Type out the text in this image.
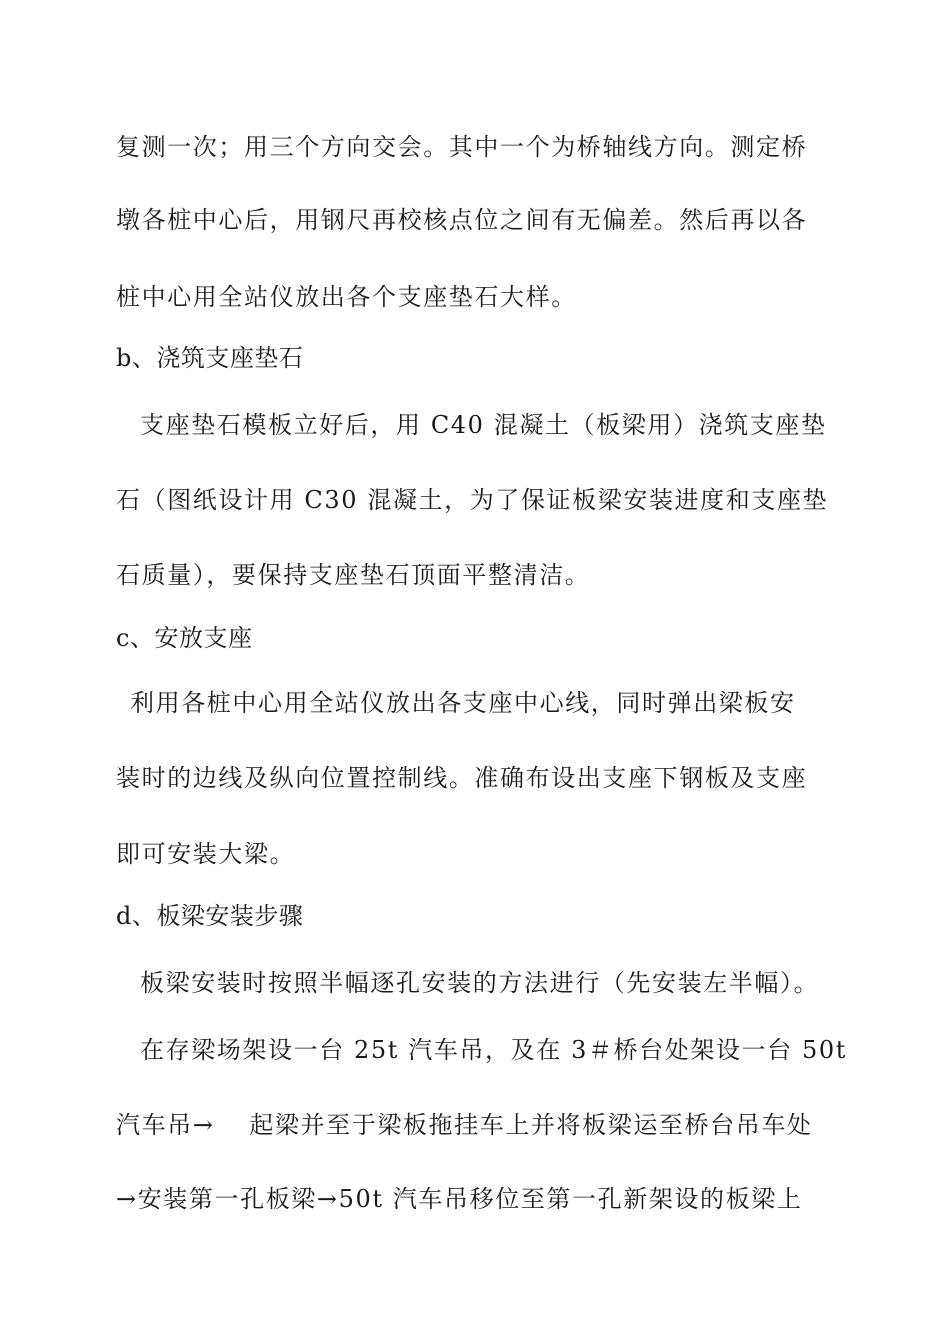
复测一次；用三个方向交会。其中一个为桥轴线方向。测定桥
墩各桩中心后，用钢尺再校核点位之间有无偏差。然后再以各
桩中心用全站仪放出各个支座垫石大样。
b、浇筑支座垫石
支座垫石模板立好后，用 C40 混凝土（板梁用）浇筑支座垫
石（图纸设计用 C30 混凝土，为了保证板梁安装进度和支座垫
石质量），要保持支座垫石顶面平整清洁。
c、安放支座
利用各桩中心用全站仪放出各支座中心线，同时弹出梁板安
装时的边线及纵向位置控制线。准确布设出支座下钢板及支座
即可安装大梁。
d、板梁安装步骤
板梁安装时按照半幅逐孔安装的方法进行（先安装左半幅）。
在存梁场架设一台 25t 汽车吊，及在 3＃桥台处架设一台 50t
汽车吊→　 起梁并至于梁板拖挂车上并将板梁运至桥台吊车处
→安装第一孔板梁→50t 汽车吊移位至第一孔新架设的板梁上
